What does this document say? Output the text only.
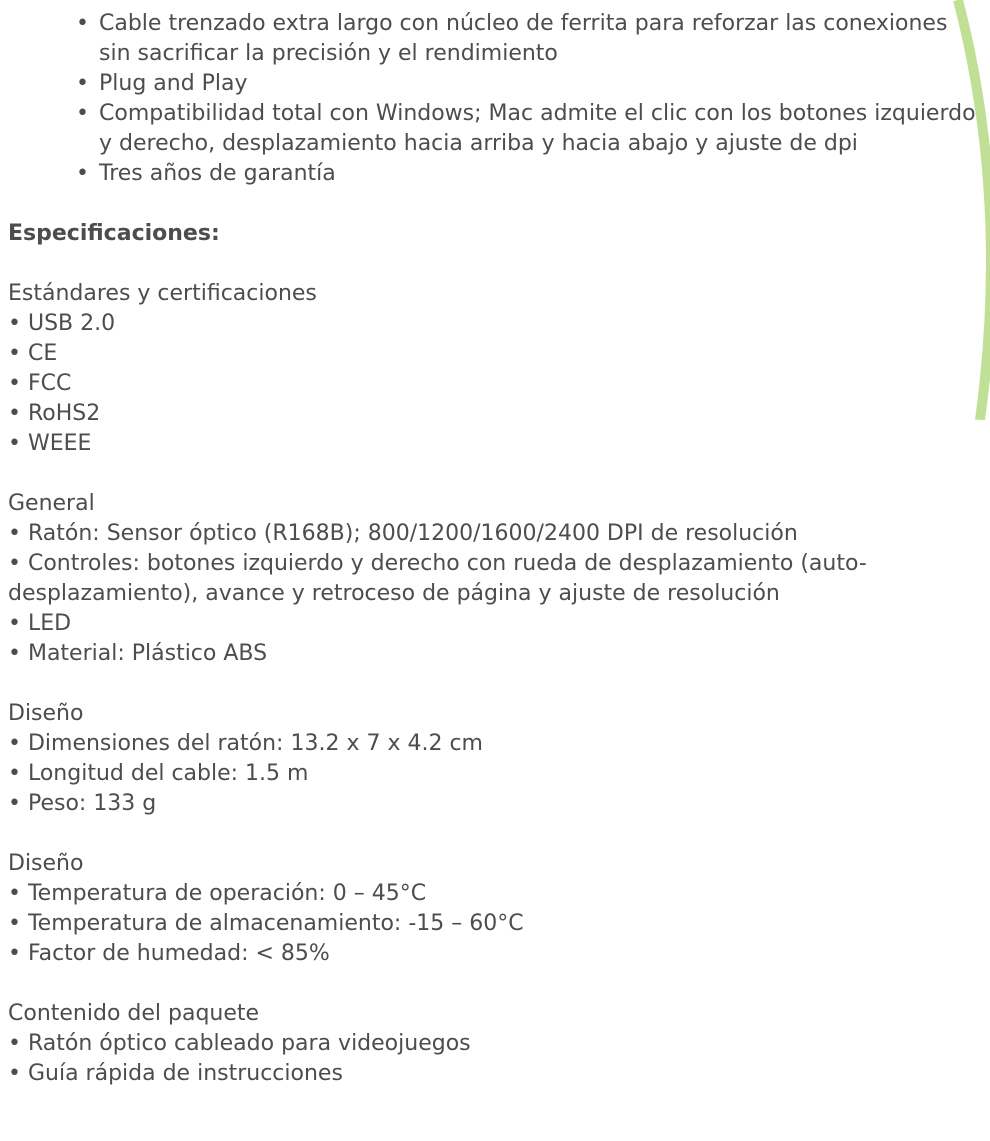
• Cable trenzado extra largo con núcleo de ferrita para reforzar las conexiones sin sacrificar la precisión y el rendimiento
• Plug and Play
• Compatibilidad total con Windows; Mac admite el clic con los botones izquierdo y derecho, desplazamiento hacia arriba y hacia abajo y ajuste de dpi
• Tres años de garantía
Especificaciones:
Estándares y certificaciones
• USB 2.0
• CE
• FCC
• RoHS2
• WEEE
General
• Ratón: Sensor óptico (R168B); 800/1200/1600/2400 DPI de resolución
• Controles: botones izquierdo y derecho con rueda de desplazamiento (auto-desplazamiento), avance y retroceso de página y ajuste de resolución
• LED
• Material: Plástico ABS
Diseño
• Dimensiones del ratón: 13.2 x 7 x 4.2 cm
• Longitud del cable: 1.5 m
• Peso: 133 g
Diseño
• Temperatura de operación: 0 – 45°C
• Temperatura de almacenamiento: -15 – 60°C
• Factor de humedad: < 85%
Contenido del paquete
• Ratón óptico cableado para videojuegos
• Guía rápida de instrucciones
